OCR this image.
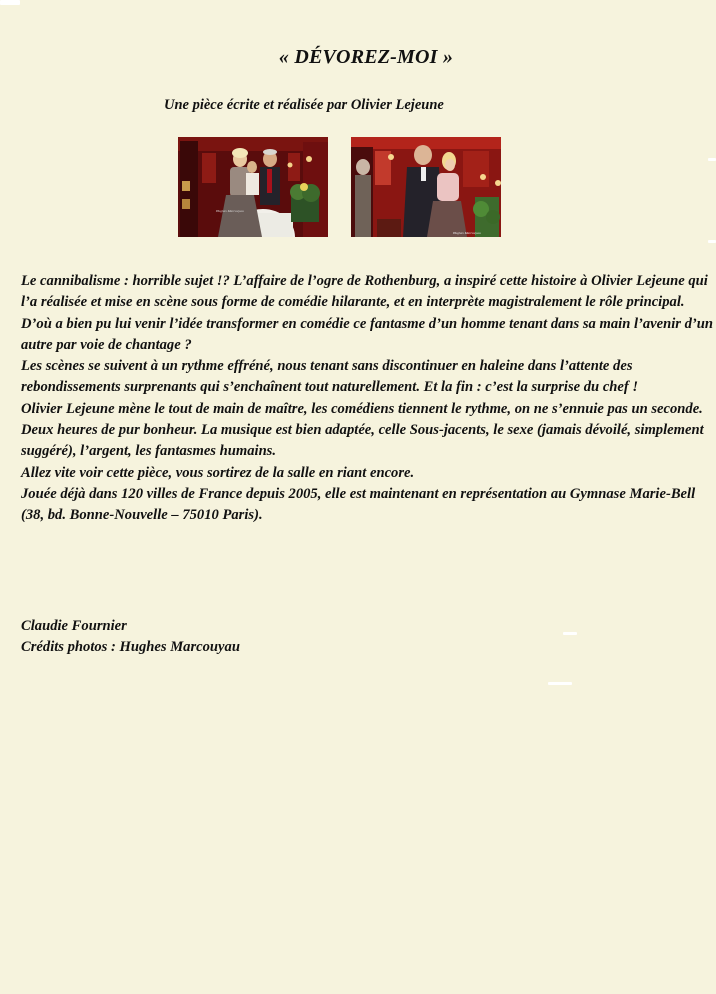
« DÉVOREZ-MOI »
Une pièce écrite et réalisée par Olivier Lejeune
Hughes Marcouyau
Hughes Marcouyau

Le cannibalisme : horrible sujet !? L’affaire de l’ogre de Rothenburg, a inspiré cette histoire à Olivier Lejeune qui l’a réalisée et mise en scène sous forme de comédie hilarante, et en interprète magistralement le rôle principal.

D’où a bien pu lui venir l’idée transformer en comédie ce fantasme d’un homme tenant dans sa main l’avenir d’un autre par voie de chantage ?

Les scènes se suivent à un rythme effréné, nous tenant sans discontinuer en haleine dans l’attente des rebondissements surprenants qui s’enchaînent tout naturellement. Et la fin : c’est la surprise du chef !

Olivier Lejeune mène le tout de main de maître, les comédiens tiennent le rythme, on ne s’ennuie pas un seconde. Deux heures de pur bonheur. La musique est bien adaptée, celle Sous-jacents, le sexe (jamais dévoilé, simplement suggéré), l’argent, les fantasmes humains.

Allez vite voir cette pièce, vous sortirez de la salle en riant encore.

Jouée déjà dans 120 villes de France depuis 2005, elle est maintenant en représentation au Gymnase Marie-Bell (38, bd. Bonne-Nouvelle – 75010 Paris).

Claudie Fournier
Crédits photos : Hughes Marcouyau
